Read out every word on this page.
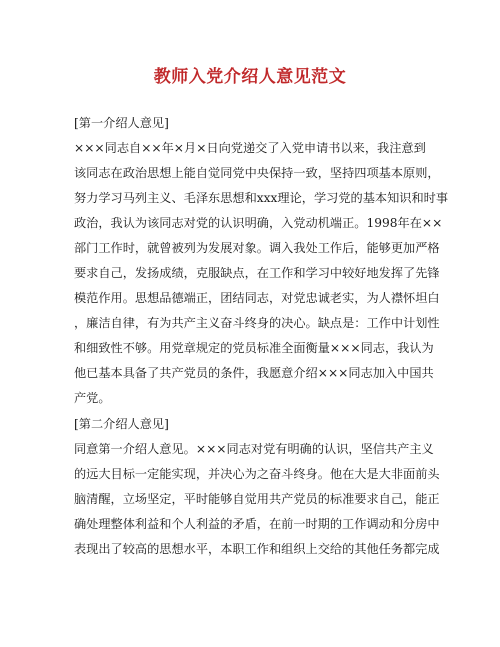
教师入党介绍人意见范文

[第一介绍人意见]

×××同志自××年×月×日向党递交了入党申请书以来，我注意到

该同志在政治思想上能自觉同党中央保持一致，坚持四项基本原则，

努力学习马列主义、毛泽东思想和xxx理论，学习党的基本知识和时事

政治，我认为该同志对党的认识明确，入党动机端正。1998年在××

部门工作时，就曾被列为发展对象。调入我处工作后，能够更加严格

要求自己，发扬成绩，克服缺点，在工作和学习中较好地发挥了先锋

模范作用。思想品德端正，团结同志，对党忠诚老实，为人襟怀坦白

，廉洁自律，有为共产主义奋斗终身的决心。缺点是：工作中计划性

和细致性不够。用党章规定的党员标准全面衡量×××同志，我认为

他已基本具备了共产党员的条件，我愿意介绍×××同志加入中国共

产党。

[第二介绍人意见]

同意第一介绍人意见。×××同志对党有明确的认识，坚信共产主义

的远大目标一定能实现，并决心为之奋斗终身。他在大是大非面前头

脑清醒，立场坚定，平时能够自觉用共产党员的标准要求自己，能正

确处理整体利益和个人利益的矛盾，在前一时期的工作调动和分房中

表现出了较高的思想水平，本职工作和组织上交给的其他任务都完成
